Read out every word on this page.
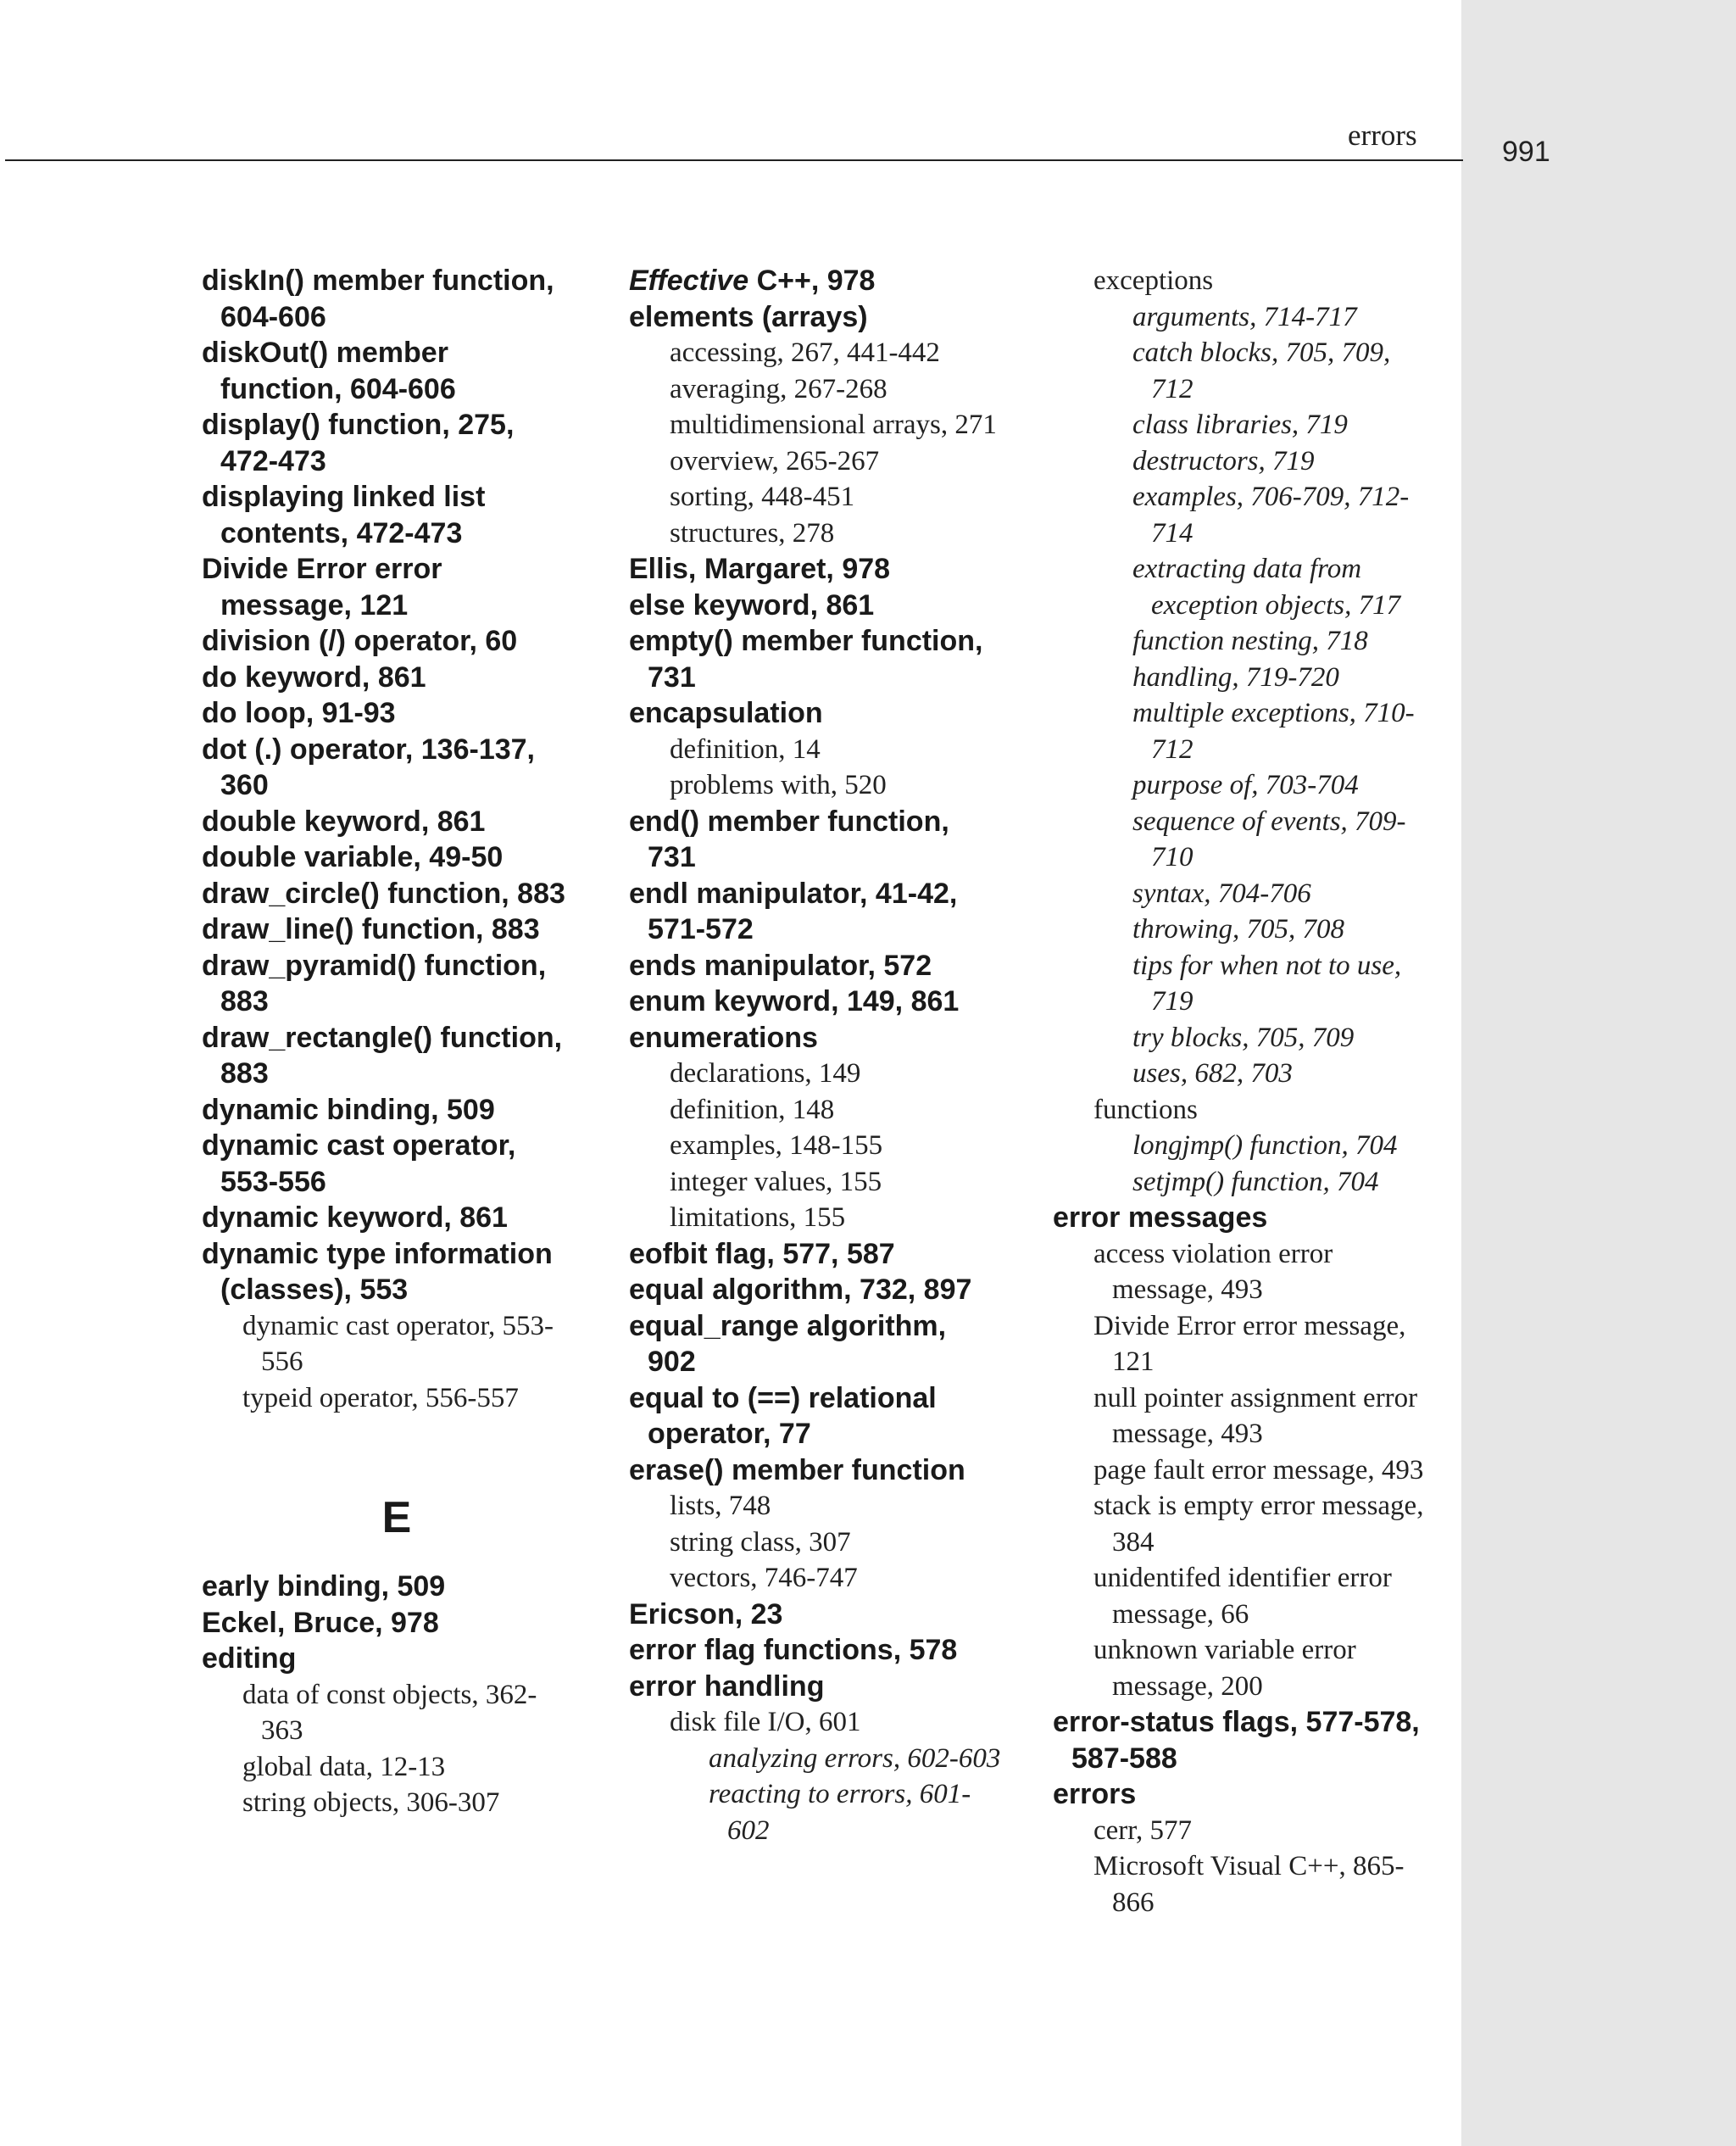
errors	991

diskIn() member function, 604-606

diskOut() member function, 604-606

display() function, 275, 472-473

displaying linked list contents, 472-473

Divide Error error message, 121

division (/) operator, 60

do keyword, 861

do loop, 91-93

dot (.) operator, 136-137, 360

double keyword, 861

double variable, 49-50

draw_circle() function, 883

draw_line() function, 883

draw_pyramid() function, 883

draw_rectangle() function, 883

dynamic binding, 509

dynamic cast operator, 553-556

dynamic keyword, 861

dynamic type information (classes), 553

dynamic cast operator, 553-556

typeid operator, 556-557

E

early binding, 509

Eckel, Bruce, 978

editing

data of const objects, 362-363

global data, 12-13

string objects, 306-307

Effective C++, 978

elements (arrays)

accessing, 267, 441-442

averaging, 267-268

multidimensional arrays, 271

overview, 265-267

sorting, 448-451

structures, 278

Ellis, Margaret, 978

else keyword, 861

empty() member function, 731

encapsulation

definition, 14

problems with, 520

end() member function, 731

endl manipulator, 41-42, 571-572

ends manipulator, 572

enum keyword, 149, 861

enumerations

declarations, 149

definition, 148

examples, 148-155

integer values, 155

limitations, 155

eofbit flag, 577, 587

equal algorithm, 732, 897

equal_range algorithm, 902

equal to (==) relational operator, 77

erase() member function

lists, 748

string class, 307

vectors, 746-747

Ericson, 23

error flag functions, 578

error handling

disk file I/O, 601

analyzing errors, 602-603

reacting to errors, 601-602

exceptions

arguments, 714-717

catch blocks, 705, 709, 712

class libraries, 719

destructors, 719

examples, 706-709, 712-714

extracting data from exception objects, 717

function nesting, 718

handling, 719-720

multiple exceptions, 710-712

purpose of, 703-704

sequence of events, 709-710

syntax, 704-706

throwing, 705, 708

tips for when not to use, 719

try blocks, 705, 709

uses, 682, 703

functions

longjmp() function, 704

setjmp() function, 704

error messages

access violation error message, 493

Divide Error error message, 121

null pointer assignment error message, 493

page fault error message, 493

stack is empty error message, 384

unidentifed identifier error message, 66

unknown variable error message, 200

error-status flags, 577-578, 587-588

errors

cerr, 577

Microsoft Visual C++, 865-866
